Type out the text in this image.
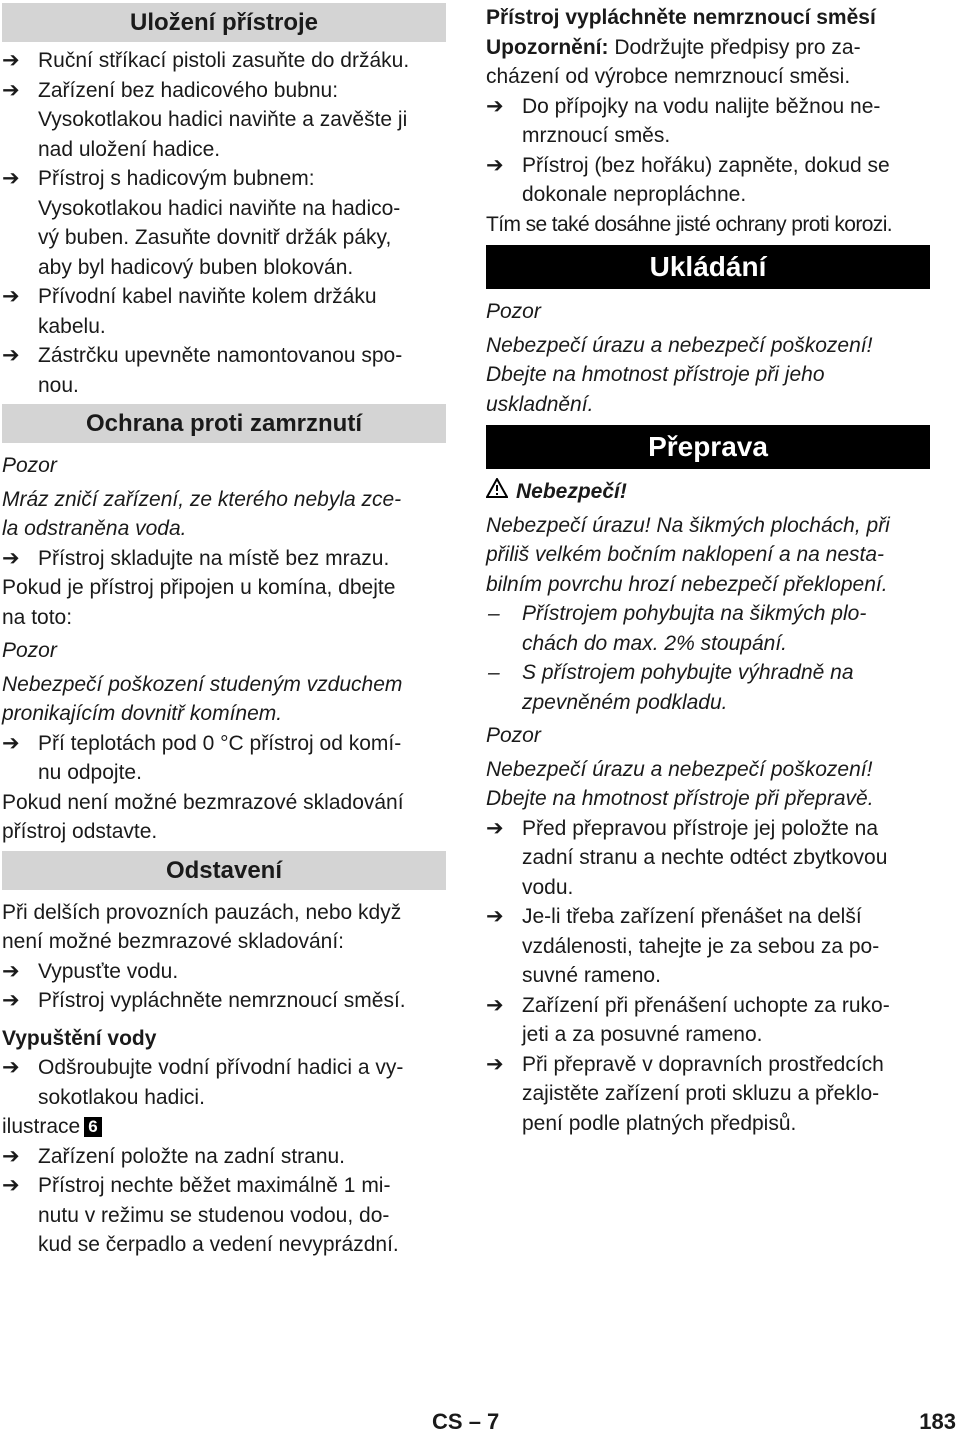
Uložení přístroje
➔ Ruční stříkací pistoli zasuňte do držáku.
➔ Zařízení bez hadicového bubnu:
Vysokotlakou hadici naviňte a zavěšte ji
nad uložení hadice.
➔ Přístroj s hadicovým bubnem:
Vysokotlakou hadici naviňte na hadico-
vý buben. Zasuňte dovnitř držák páky,
aby byl hadicový buben blokován.
➔ Přívodní kabel naviňte kolem držáku
kabelu.
➔ Zástrčku upevněte namontovanou spo-
nou.
Ochrana proti zamrznutí

Pozor

Mráz zničí zařízení, ze kterého nebyla zce-
la odstraněna voda.

➔ Přístroj skladujte na místě bez mrazu.

Pokud je přístroj připojen u komína, dbejte
na toto:

Pozor

Nebezpečí poškození studeným vzduchem
pronikajícím dovnitř komínem.

➔ Pří teplotách pod 0 °C přístroj od komí-
nu odpojte.

Pokud není možné bezmrazové skladování
přístroj odstavte.

Odstavení

Při delších provozních pauzách, nebo když
není možné bezmrazové skladování:

➔ Vypusťte vodu.
➔ Přístroj vypláchněte nemrznoucí směsí.

Vypuštění vody

➔ Odšroubujte vodní přívodní hadici a vy-
sokotlakou hadici.

ilustrace 6

➔ Zařízení položte na zadní stranu.
➔ Přístroj nechte běžet maximálně 1 mi-
nutu v režimu se studenou vodou, do-
kud se čerpadlo a vedení nevyprázdní.

Přístroj vypláchněte nemrznoucí směsí

Upozornění: Dodržujte předpisy pro za-
cházení od výrobce nemrznoucí směsi.

➔ Do přípojky na vodu nalijte běžnou ne-
mrznoucí směs.
➔ Přístroj (bez hořáku) zapněte, dokud se
dokonale nepropláchne.

Tím se také dosáhne jisté ochrany proti korozi.

Ukládání

Pozor

Nebezpečí úrazu a nebezpečí poškození!
Dbejte na hmotnost přístroje při jeho
uskladnění.

Přeprava

Nebezpečí!

Nebezpečí úrazu! Na šikmých plochách, při
přiliš velkém bočním naklopení a na nesta-
bilním povrchu hrozí nebezpečí překlopení.

–	Přístrojem pohybujta na šikmých plo-
chách do max. 2% stoupání.
–	S přístrojem pohybujte výhradně na
zpevněném podkladu.

Pozor

Nebezpečí úrazu a nebezpečí poškození!
Dbejte na hmotnost přístroje při přepravě.

➔ Před přepravou přístroje jej položte na
zadní stranu a nechte odtéct zbytkovou
vodu.
➔ Je-li třeba zařízení přenášet na delší
vzdálenosti, tahejte je za sebou za po-
suvné rameno.
➔ Zařízení při přenášení uchopte za ruko-
jeti a za posuvné rameno.
➔ Při přepravě v dopravních prostředcích
zajistěte zařízení proti skluzu a překlo-
pení podle platných předpisů.
CS – 7	183
